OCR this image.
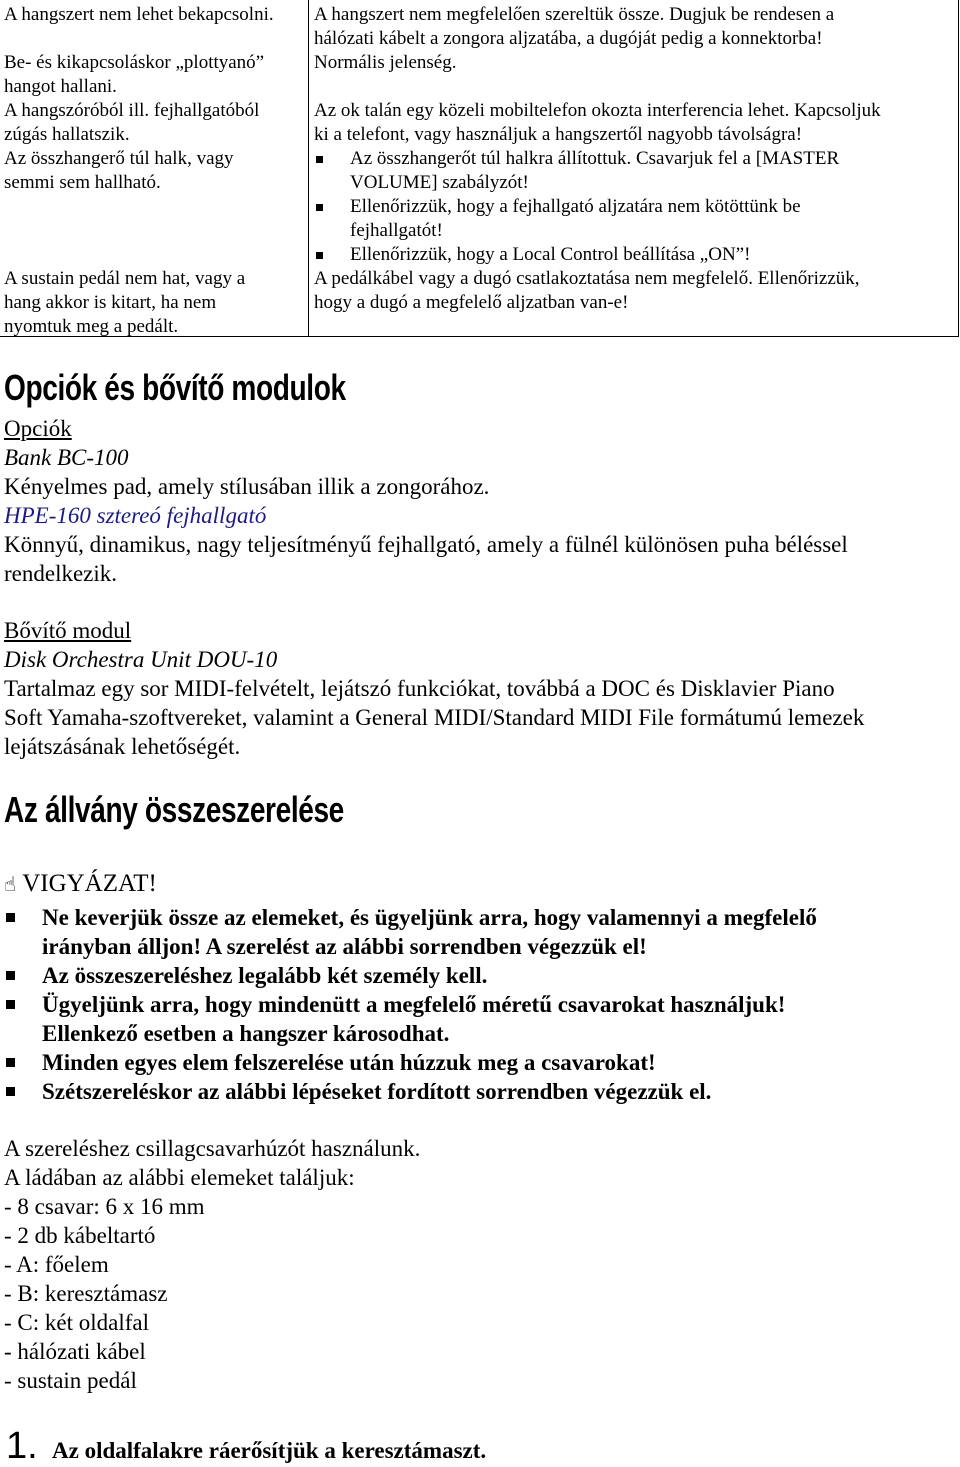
A hangszert nem lehet bekapcsolni. A hangszert nem megfelelően szereltük össze. Dugjuk be rendesen a
hálózati kábelt a zongora aljzatába, a dugóját pedig a konnektorba!
Be- és kikapcsoláskor „plottyanó”
hangot hallani.
Normális jelenség.
A hangszóróból ill. fejhallgatóból
zúgás hallatszik.
Az ok talán egy közeli mobiltelefon okozta interferencia lehet. Kapcsoljuk
ki a telefont, vagy használjuk a hangszertől nagyobb távolságra!
Az összhangerő túl halk, vagy
semmi sem hallható.
Az összhangerőt túl halkra állítottuk. Csavarjuk fel a [MASTER
VOLUME] szabályzót!
Ellenőrizzük, hogy a fejhallgató aljzatára nem kötöttünk be
fejhallgatót!
Ellenőrizzük, hogy a Local Control beállítása „ON”!
A sustain pedál nem hat, vagy a
hang akkor is kitart, ha nem
nyomtuk meg a pedált.
A pedálkábel vagy a dugó csatlakoztatása nem megfelelő. Ellenőrizzük,
hogy a dugó a megfelelő aljzatban van-e!
Opciók és bővítő modulok
Opciók
Bank BC-100
Kényelmes pad, amely stílusában illik a zongorához.
HPE-160 sztereó fejhallgató
Könnyű, dinamikus, nagy teljesítményű fejhallgató, amely a fülnél különösen puha béléssel
rendelkezik.
Bővítő modul
Disk Orchestra Unit DOU-10
Tartalmaz egy sor MIDI-felvételt, lejátszó funkciókat, továbbá a DOC és Disklavier Piano
Soft Yamaha-szoftvereket, valamint a General MIDI/Standard MIDI File formátumú lemezek
lejátszásának lehetőségét.
Az állvány összeszerelése
☝ VIGYÁZAT!
Ne keverjük össze az elemeket, és ügyeljünk arra, hogy valamennyi a megfelelő
irányban álljon! A szerelést az alábbi sorrendben végezzük el!
Az összeszereléshez legalább két személy kell.
Ügyeljünk arra, hogy mindenütt a megfelelő méretű csavarokat használjuk!
Ellenkező esetben a hangszer károsodhat.
Minden egyes elem felszerelése után húzzuk meg a csavarokat!
Szétszereléskor az alábbi lépéseket fordított sorrendben végezzük el.
A szereléshez csillagcsavarhúzót használunk.
A ládában az alábbi elemeket találjuk:
- 8 csavar: 6 x 16 mm
- 2 db kábeltartó
- A: főelem
- B: keresztámasz
- C: két oldalfal
- hálózati kábel
- sustain pedál
1. Az oldalfalakre ráerősítjük a keresztámaszt.
